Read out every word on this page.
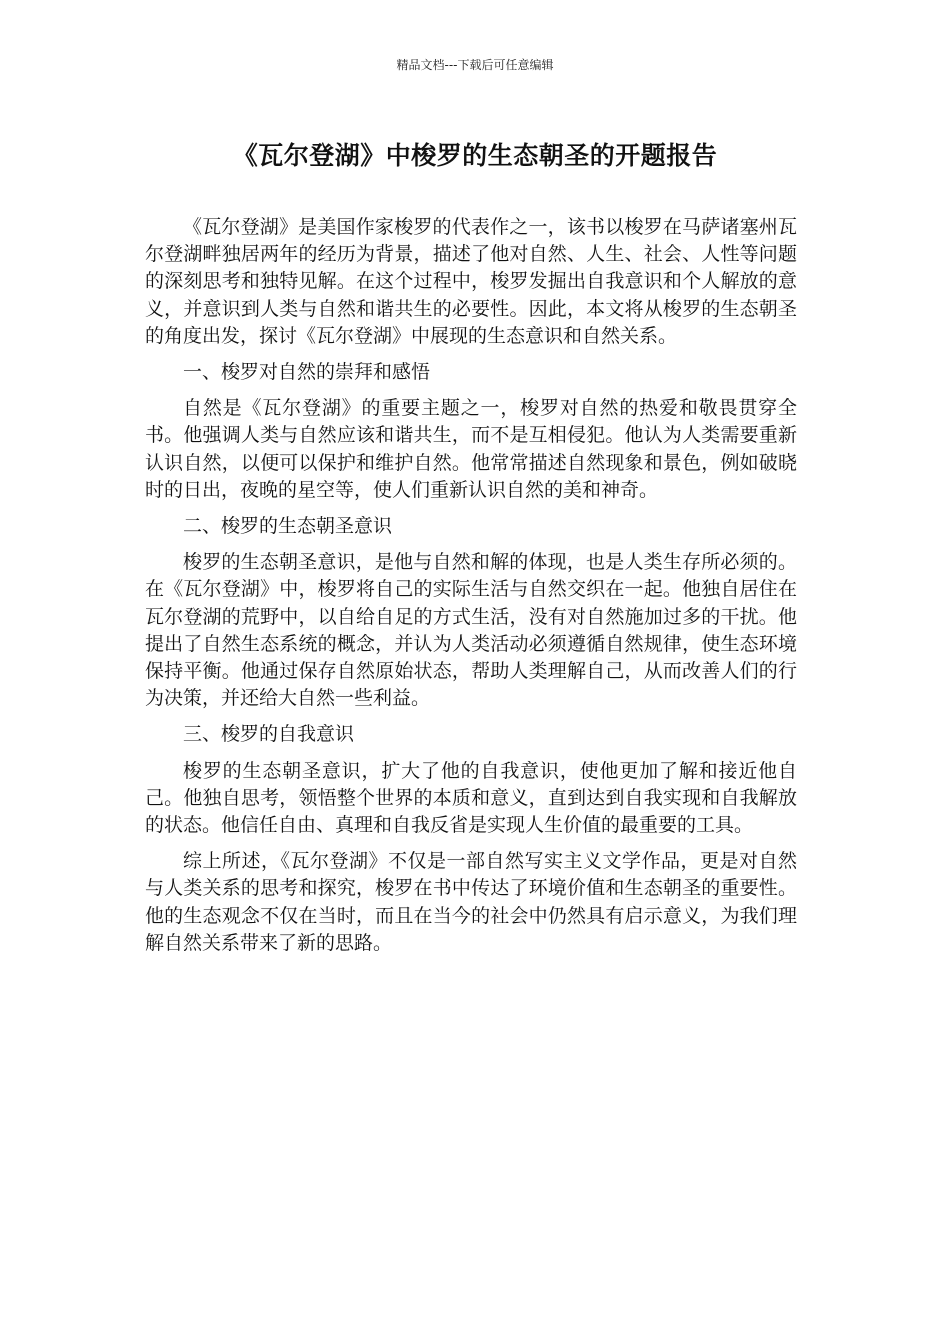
精品文档---下载后可任意编辑
《瓦尔登湖》中梭罗的生态朝圣的开题报告

《瓦尔登湖》是美国作家梭罗的代表作之一，该书以梭罗在马萨诸塞州瓦尔登湖畔独居两年的经历为背景，描述了他对自然、人生、社会、人性等问题的深刻思考和独特见解。在这个过程中，梭罗发掘出自我意识和个人解放的意义，并意识到人类与自然和谐共生的必要性。因此，本文将从梭罗的生态朝圣的角度出发，探讨《瓦尔登湖》中展现的生态意识和自然关系。

一、梭罗对自然的崇拜和感悟

自然是《瓦尔登湖》的重要主题之一，梭罗对自然的热爱和敬畏贯穿全书。他强调人类与自然应该和谐共生，而不是互相侵犯。他认为人类需要重新认识自然，以便可以保护和维护自然。他常常描述自然现象和景色，例如破晓时的日出，夜晚的星空等，使人们重新认识自然的美和神奇。

二、梭罗的生态朝圣意识

梭罗的生态朝圣意识，是他与自然和解的体现，也是人类生存所必须的。在《瓦尔登湖》中，梭罗将自己的实际生活与自然交织在一起。他独自居住在瓦尔登湖的荒野中，以自给自足的方式生活，没有对自然施加过多的干扰。他提出了自然生态系统的概念，并认为人类活动必须遵循自然规律，使生态环境保持平衡。他通过保存自然原始状态，帮助人类理解自己，从而改善人们的行为决策，并还给大自然一些利益。

三、梭罗的自我意识

梭罗的生态朝圣意识，扩大了他的自我意识，使他更加了解和接近他自己。他独自思考，领悟整个世界的本质和意义，直到达到自我实现和自我解放的状态。他信任自由、真理和自我反省是实现人生价值的最重要的工具。

综上所述，《瓦尔登湖》不仅是一部自然写实主义文学作品，更是对自然与人类关系的思考和探究，梭罗在书中传达了环境价值和生态朝圣的重要性。他的生态观念不仅在当时，而且在当今的社会中仍然具有启示意义，为我们理解自然关系带来了新的思路。
